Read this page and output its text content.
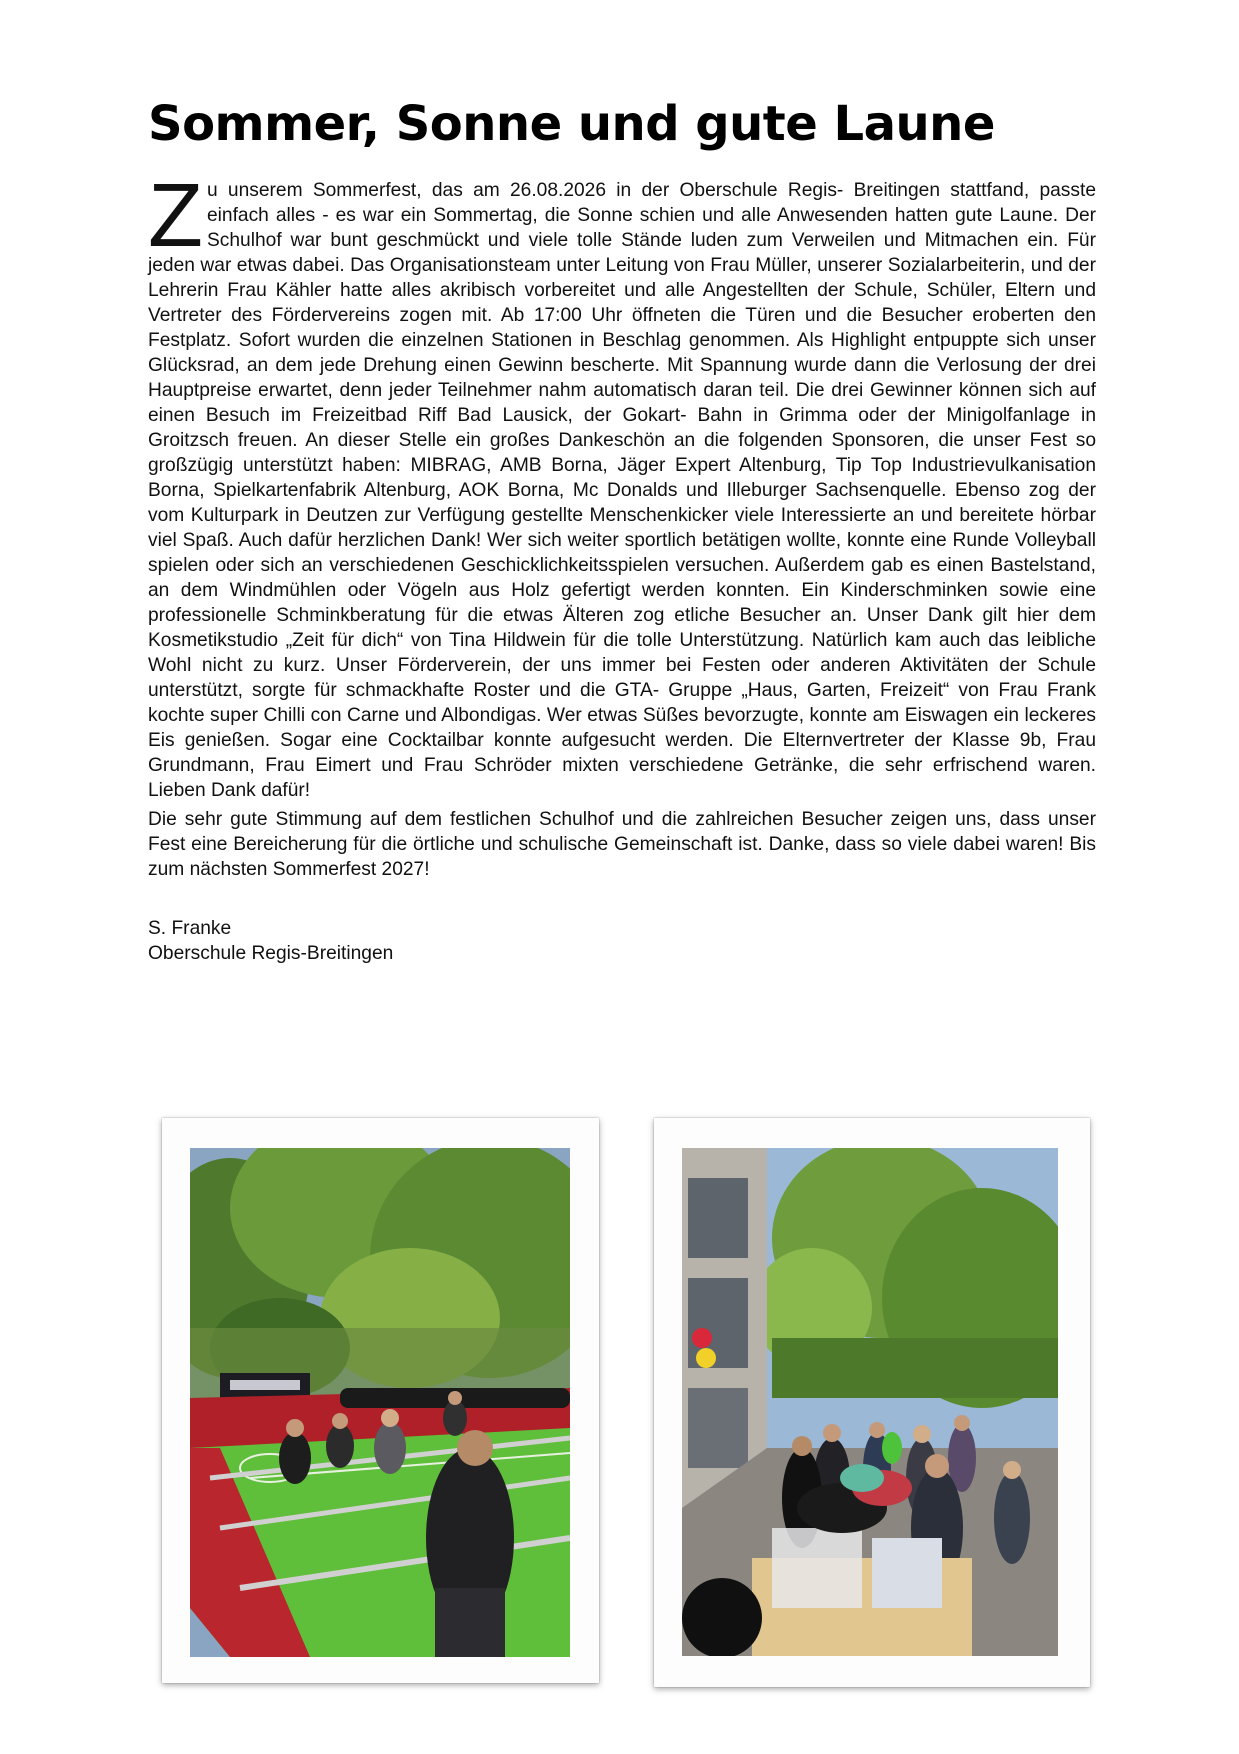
Sommer, Sonne und gute Laune

Zu unserem Sommerfest, das am 26.08.2026 in der Oberschule Regis- Breitingen stattfand, passte einfach alles - es war ein Sommertag, die Sonne schien und alle Anwesenden hatten gute Laune. Der Schulhof war bunt geschmückt und viele tolle Stände luden zum Verweilen und Mitmachen ein. Für jeden war etwas dabei. Das Organisationsteam unter Leitung von Frau Müller, unserer Sozialarbeiterin, und der Lehrerin Frau Kähler hatte alles akribisch vorbereitet und alle Angestellten der Schule, Schüler, Eltern und Vertreter des Fördervereins zogen mit. Ab 17:00 Uhr öffneten die Türen und die Besucher eroberten den Festplatz. Sofort wurden die einzelnen Stationen in Beschlag genommen. Als Highlight entpuppte sich unser Glücksrad, an dem jede Drehung einen Gewinn bescherte. Mit Spannung wurde dann die Verlosung der drei Hauptpreise erwartet, denn jeder Teilnehmer nahm automatisch daran teil. Die drei Gewinner können sich auf einen Besuch im Freizeitbad Riff Bad Lausick, der Gokart- Bahn in Grimma oder der Minigolfanlage in Groitzsch freuen. An dieser Stelle ein großes Dankeschön an die folgenden Sponsoren, die unser Fest so großzügig unterstützt haben: MIBRAG, AMB Borna, Jäger Expert Altenburg, Tip Top Industrievulkanisation Borna, Spielkartenfabrik Altenburg, AOK Borna, Mc Donalds und Illeburger Sachsenquelle. Ebenso zog der vom Kulturpark in Deutzen zur Verfügung gestellte Menschenkicker viele Interessierte an und bereitete hörbar viel Spaß. Auch dafür herzlichen Dank! Wer sich weiter sportlich betätigen wollte, konnte eine Runde Volleyball spielen oder sich an verschiedenen Geschicklichkeitsspielen versuchen. Außerdem gab es einen Bastelstand, an dem Windmühlen oder Vögeln aus Holz gefertigt werden konnten. Ein Kinderschminken sowie eine professionelle Schminkberatung für die etwas Älteren zog etliche Besucher an. Unser Dank gilt hier dem Kosmetikstudio „Zeit für dich“ von Tina Hildwein für die tolle Unterstützung. Natürlich kam auch das leibliche Wohl nicht zu kurz. Unser Förderverein, der uns immer bei Festen oder anderen Aktivitäten der Schule unterstützt, sorgte für schmackhafte Roster und die GTA- Gruppe „Haus, Garten, Freizeit“ von Frau Frank kochte super Chilli con Carne und Albondigas. Wer etwas Süßes bevorzugte, konnte am Eiswagen ein leckeres Eis genießen. Sogar eine Cocktailbar konnte aufgesucht werden. Die Elternvertreter der Klasse 9b, Frau Grundmann, Frau Eimert und Frau Schröder mixten verschiedene Getränke, die sehr erfrischend waren. Lieben Dank dafür!

Die sehr gute Stimmung auf dem festlichen Schulhof und die zahlreichen Besucher zeigen uns, dass unser Fest eine Bereicherung für die örtliche und schulische Gemeinschaft ist. Danke, dass so viele dabei waren! Bis zum nächsten Sommerfest 2027!

S. Franke
Oberschule Regis-Breitingen
